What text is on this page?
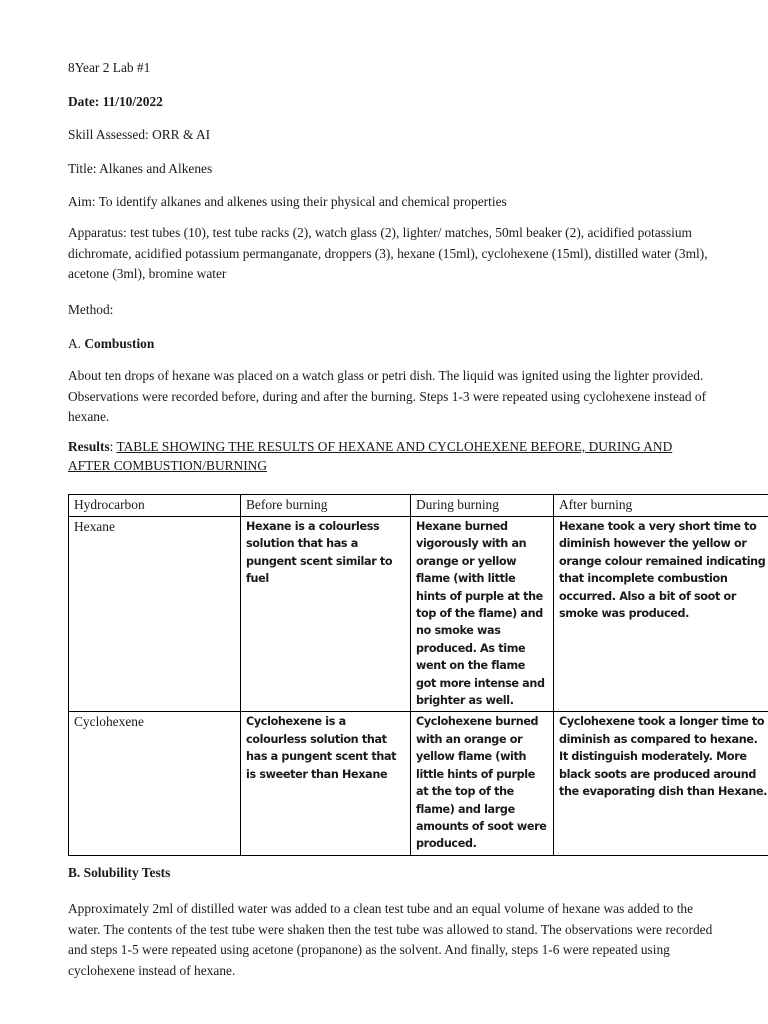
8Year 2 Lab #1
Date: 11/10/2022
Skill Assessed: ORR & AI
Title: Alkanes and Alkenes
Aim: To identify alkanes and alkenes using their physical and chemical properties
Apparatus: test tubes (10), test tube racks (2), watch glass (2), lighter/ matches, 50ml beaker (2), acidified potassium dichromate, acidified potassium permanganate, droppers (3), hexane (15ml), cyclohexene (15ml), distilled water (3ml), acetone (3ml), bromine water
Method:
A. Combustion
About ten drops of hexane was placed on a watch glass or petri dish. The liquid was ignited using the lighter provided. Observations were recorded before, during and after the burning. Steps 1-3 were repeated using cyclohexene instead of hexane.
Results: TABLE SHOWING THE RESULTS OF HEXANE AND CYCLOHEXENE BEFORE, DURING AND AFTER COMBUSTION/BURNING
Hydrocarbon	Before burning	During burning	After burning
Hexane	Hexane is a colourless solution that has a pungent scent similar to fuel	Hexane burned vigorously with an orange or yellow flame (with little hints of purple at the top of the flame) and no smoke was produced. As time went on the flame got more intense and brighter as well.	Hexane took a very short time to diminish however the yellow or orange colour remained indicating that incomplete combustion occurred. Also a bit of soot or smoke was produced.
Cyclohexene	Cyclohexene is a colourless solution that has a pungent scent that is sweeter than Hexane	Cyclohexene burned with an orange or yellow flame (with little hints of purple at the top of the flame) and large amounts of soot were produced.	Cyclohexene took a longer time to diminish as compared to hexane. It distinguish moderately. More black soots are produced around the evaporating dish than Hexane.
B. Solubility Tests
Approximately 2ml of distilled water was added to a clean test tube and an equal volume of hexane was added to the water. The contents of the test tube were shaken then the test tube was allowed to stand. The observations were recorded and steps 1-5 were repeated using acetone (propanone) as the solvent. And finally, steps 1-6 were repeated using cyclohexene instead of hexane.
